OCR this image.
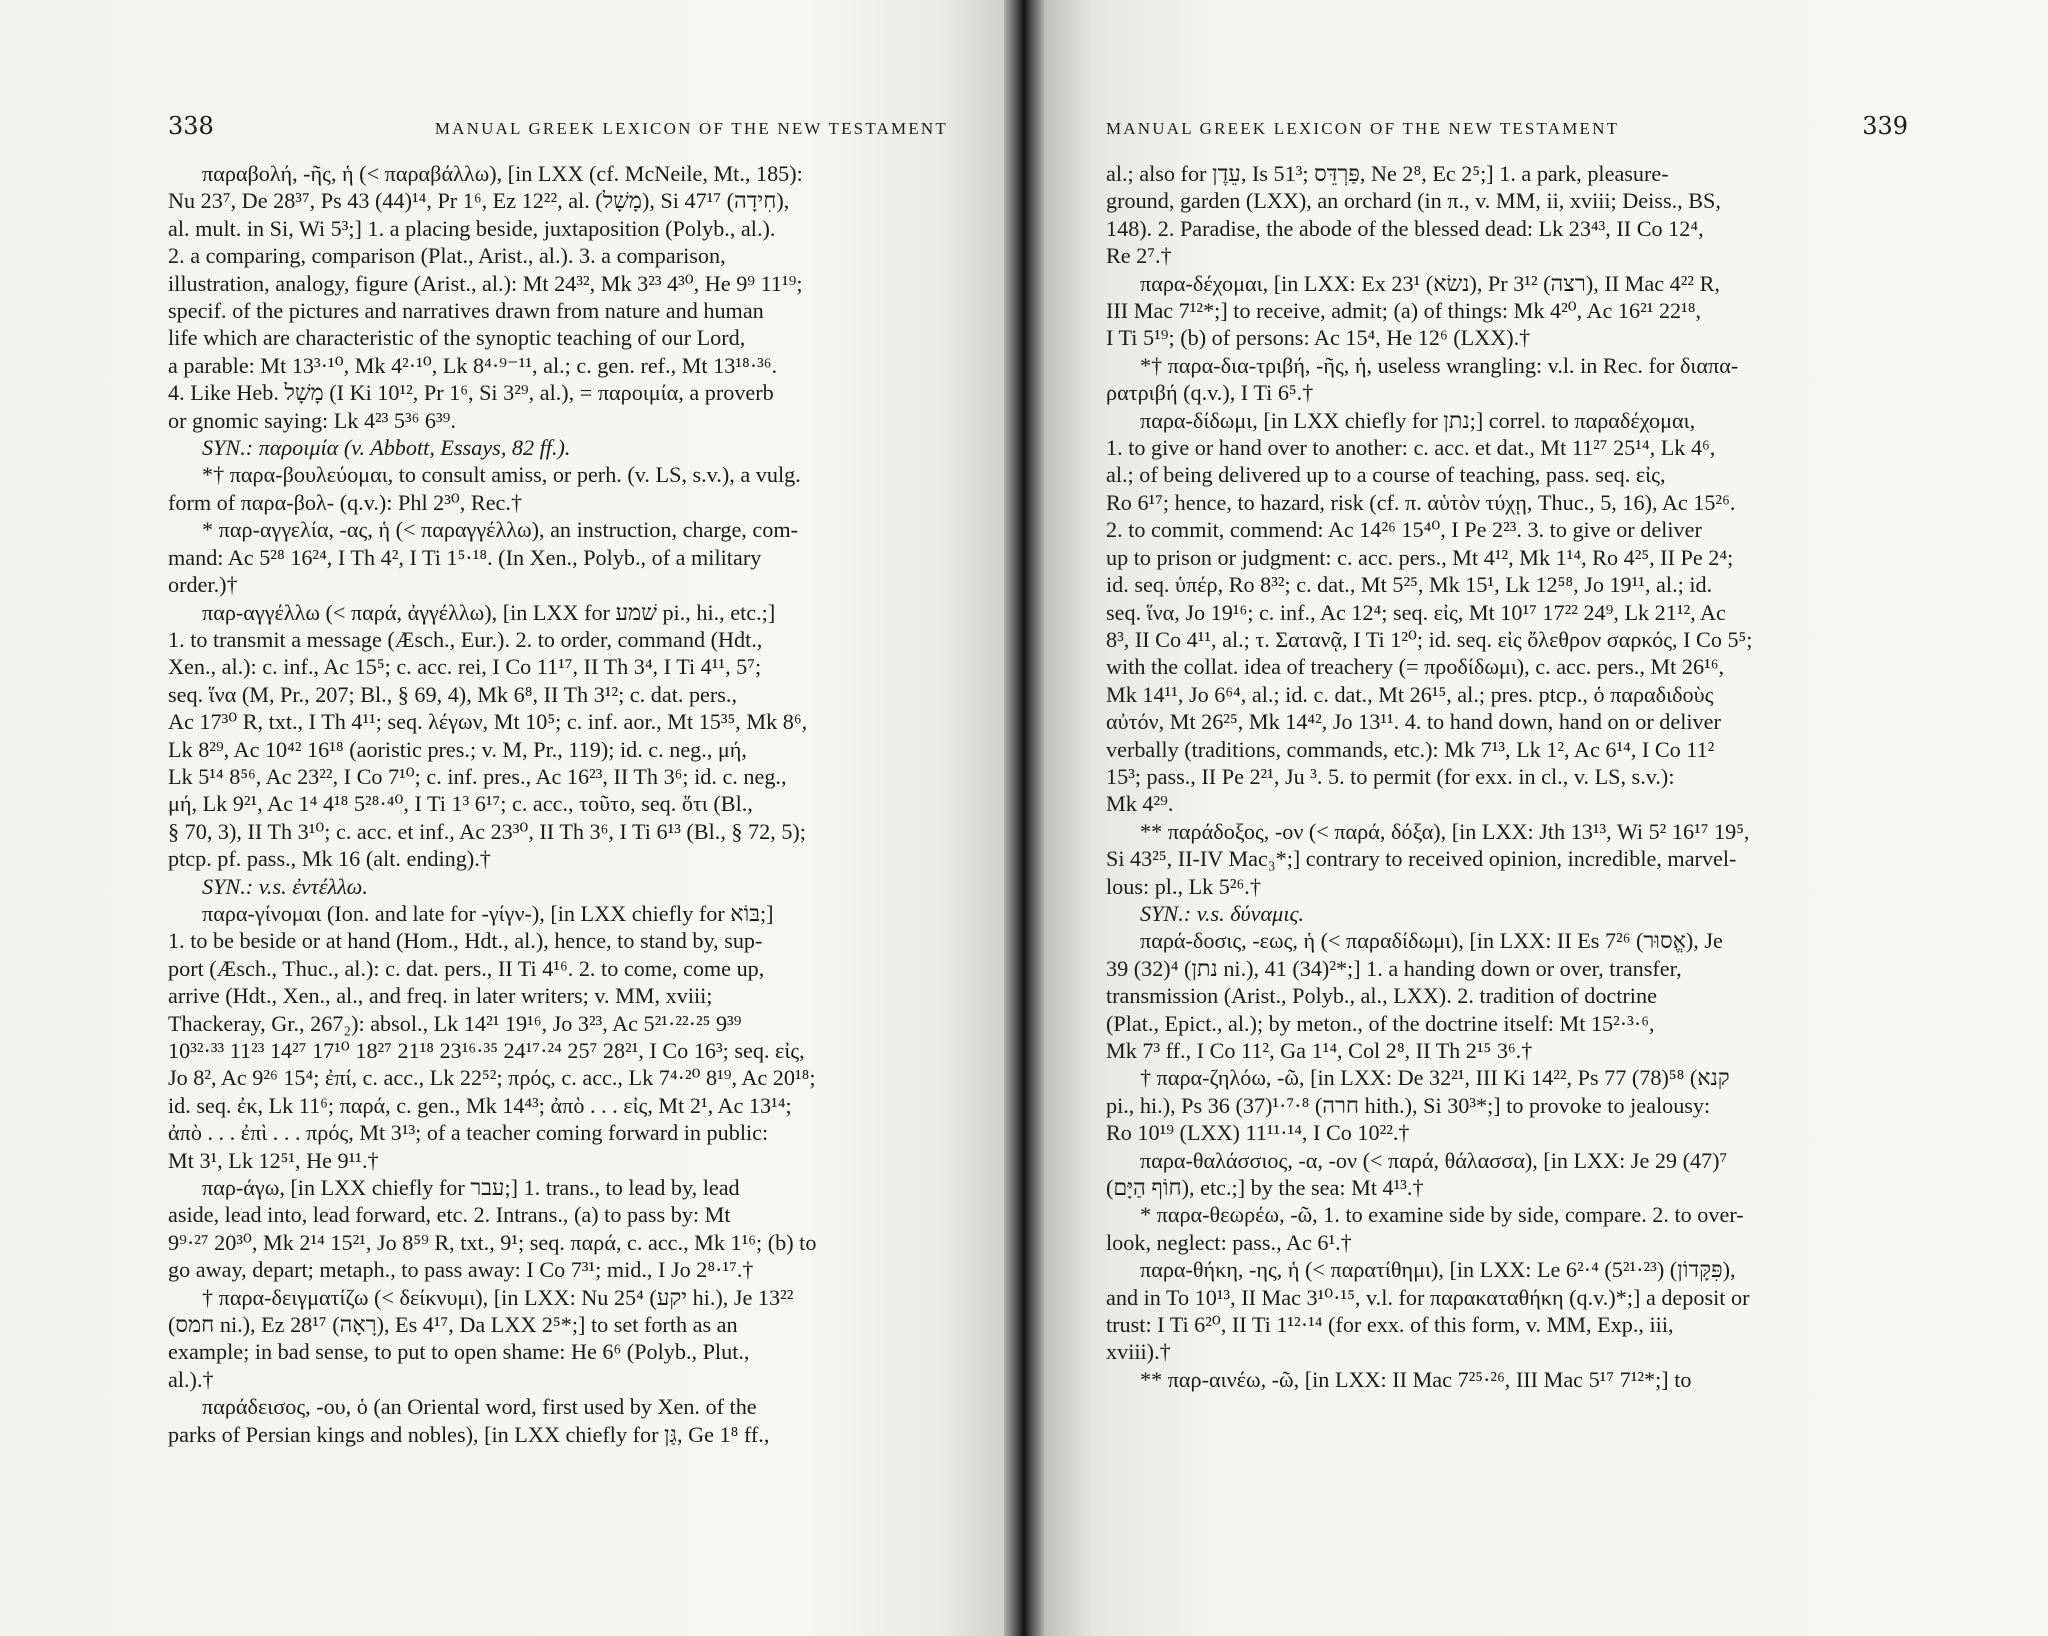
338	MANUAL GREEK LEXICON OF THE NEW TESTAMENT
παραβολή, -ῆς, ἡ (< παραβάλλω), [in LXX (cf. McNeile, Mt., 185):
Nu 23⁷, De 28³⁷, Ps 43 (44)¹⁴, Pr 1⁶, Ez 12²², al. (מָשָׁל), Si 47¹⁷ (חִידָה),
al. mult. in Si, Wi 5³;] 1. a placing beside, juxtaposition (Polyb., al.).
2. a comparing, comparison (Plat., Arist., al.). 3. a comparison,
illustration, analogy, figure (Arist., al.): Mt 24³², Mk 3²³ 4³⁰, He 9⁹ 11¹⁹;
specif. of the pictures and narratives drawn from nature and human
life which are characteristic of the synoptic teaching of our Lord,
a parable: Mt 13³·¹⁰, Mk 4²·¹⁰, Lk 8⁴·⁹⁻¹¹, al.; c. gen. ref., Mt 13¹⁸·³⁶.
4. Like Heb. מָשָׁל (I Ki 10¹², Pr 1⁶, Si 3²⁹, al.), = παροιμία, a proverb
or gnomic saying: Lk 4²³ 5³⁶ 6³⁹.
SYN.: παροιμία (v. Abbott, Essays, 82 ff.).
*† παρα-βουλεύομαι, to consult amiss, or perh. (v. LS, s.v.), a vulg.
form of παρα-βολ- (q.v.): Phl 2³⁰, Rec.†
* παρ-αγγελία, -ας, ἡ (< παραγγέλλω), an instruction, charge, com-
mand: Ac 5²⁸ 16²⁴, I Th 4², I Ti 1⁵·¹⁸. (In Xen., Polyb., of a military
order.)†
παρ-αγγέλλω (< παρά, ἀγγέλλω), [in LXX for שׁמע pi., hi., etc.;]
1. to transmit a message (Æsch., Eur.). 2. to order, command (Hdt.,
Xen., al.): c. inf., Ac 15⁵; c. acc. rei, I Co 11¹⁷, II Th 3⁴, I Ti 4¹¹, 5⁷;
seq. ἵνα (M, Pr., 207; Bl., § 69, 4), Mk 6⁸, II Th 3¹²; c. dat. pers.,
Ac 17³⁰ R, txt., I Th 4¹¹; seq. λέγων, Mt 10⁵; c. inf. aor., Mt 15³⁵, Mk 8⁶,
Lk 8²⁹, Ac 10⁴² 16¹⁸ (aoristic pres.; v. M, Pr., 119); id. c. neg., μή,
Lk 5¹⁴ 8⁵⁶, Ac 23²², I Co 7¹⁰; c. inf. pres., Ac 16²³, II Th 3⁶; id. c. neg.,
μή, Lk 9²¹, Ac 1⁴ 4¹⁸ 5²⁸·⁴⁰, I Ti 1³ 6¹⁷; c. acc., τοῦτο, seq. ὅτι (Bl.,
§ 70, 3), II Th 3¹⁰; c. acc. et inf., Ac 23³⁰, II Th 3⁶, I Ti 6¹³ (Bl., § 72, 5);
ptcp. pf. pass., Mk 16 (alt. ending).†
SYN.: v.s. ἐντέλλω.
παρα-γίνομαι (Ion. and late for -γίγν-), [in LXX chiefly for בּוֹא;]
1. to be beside or at hand (Hom., Hdt., al.), hence, to stand by, sup-
port (Æsch., Thuc., al.): c. dat. pers., II Ti 4¹⁶. 2. to come, come up,
arrive (Hdt., Xen., al., and freq. in later writers; v. MM, xviii;
Thackeray, Gr., 267₂): absol., Lk 14²¹ 19¹⁶, Jo 3²³, Ac 5²¹·²²·²⁵ 9³⁹
10³²·³³ 11²³ 14²⁷ 17¹⁰ 18²⁷ 21¹⁸ 23¹⁶·³⁵ 24¹⁷·²⁴ 25⁷ 28²¹, I Co 16³; seq. εἰς,
Jo 8², Ac 9²⁶ 15⁴; ἐπί, c. acc., Lk 22⁵²; πρός, c. acc., Lk 7⁴·²⁰ 8¹⁹, Ac 20¹⁸;
id. seq. ἐκ, Lk 11⁶; παρά, c. gen., Mk 14⁴³; ἀπὸ . . . εἰς, Mt 2¹, Ac 13¹⁴;
ἀπὸ . . . ἐπὶ . . . πρός, Mt 3¹³; of a teacher coming forward in public:
Mt 3¹, Lk 12⁵¹, He 9¹¹.†
παρ-άγω, [in LXX chiefly for עבר;] 1. trans., to lead by, lead
aside, lead into, lead forward, etc. 2. Intrans., (a) to pass by: Mt
9⁹·²⁷ 20³⁰, Mk 2¹⁴ 15²¹, Jo 8⁵⁹ R, txt., 9¹; seq. παρά, c. acc., Mk 1¹⁶; (b) to
go away, depart; metaph., to pass away: I Co 7³¹; mid., I Jo 2⁸·¹⁷.†
† παρα-δειγματίζω (< δείκνυμι), [in LXX: Nu 25⁴ (יקע hi.), Je 13²²
(חמס ni.), Ez 28¹⁷ (רָאָה), Es 4¹⁷, Da LXX 2⁵*;] to set forth as an
example; in bad sense, to put to open shame: He 6⁶ (Polyb., Plut.,
al.).†
παράδεισος, -ου, ὁ (an Oriental word, first used by Xen. of the
parks of Persian kings and nobles), [in LXX chiefly for גַּן, Ge 1⁸ ff.,
MANUAL GREEK LEXICON OF THE NEW TESTAMENT	339
al.; also for עֵדֶן, Is 51³; פַּרְדֵּס, Ne 2⁸, Ec 2⁵;] 1. a park, pleasure-
ground, garden (LXX), an orchard (in π., v. MM, ii, xviii; Deiss., BS,
148). 2. Paradise, the abode of the blessed dead: Lk 23⁴³, II Co 12⁴,
Re 2⁷.†
παρα-δέχομαι, [in LXX: Ex 23¹ (נשׂא), Pr 3¹² (רצה), II Mac 4²² R,
III Mac 7¹²*;] to receive, admit; (a) of things: Mk 4²⁰, Ac 16²¹ 22¹⁸,
I Ti 5¹⁹; (b) of persons: Ac 15⁴, He 12⁶ (LXX).†
*† παρα-δια-τριβή, -ῆς, ἡ, useless wrangling: v.l. in Rec. for διαπα-
ρατριβή (q.v.), I Ti 6⁵.†
παρα-δίδωμι, [in LXX chiefly for נתן;] correl. to παραδέχομαι,
1. to give or hand over to another: c. acc. et dat., Mt 11²⁷ 25¹⁴, Lk 4⁶,
al.; of being delivered up to a course of teaching, pass. seq. εἰς,
Ro 6¹⁷; hence, to hazard, risk (cf. π. αὑτὸν τύχῃ, Thuc., 5, 16), Ac 15²⁶.
2. to commit, commend: Ac 14²⁶ 15⁴⁰, I Pe 2²³. 3. to give or deliver
up to prison or judgment: c. acc. pers., Mt 4¹², Mk 1¹⁴, Ro 4²⁵, II Pe 2⁴;
id. seq. ὑπέρ, Ro 8³²; c. dat., Mt 5²⁵, Mk 15¹, Lk 12⁵⁸, Jo 19¹¹, al.; id.
seq. ἵνα, Jo 19¹⁶; c. inf., Ac 12⁴; seq. εἰς, Mt 10¹⁷ 17²² 24⁹, Lk 21¹², Ac
8³, II Co 4¹¹, al.; τ. Σατανᾷ, I Ti 1²⁰; id. seq. εἰς ὄλεθρον σαρκός, I Co 5⁵;
with the collat. idea of treachery (= προδίδωμι), c. acc. pers., Mt 26¹⁶,
Mk 14¹¹, Jo 6⁶⁴, al.; id. c. dat., Mt 26¹⁵, al.; pres. ptcp., ὁ παραδιδοὺς
αὐτόν, Mt 26²⁵, Mk 14⁴², Jo 13¹¹. 4. to hand down, hand on or deliver
verbally (traditions, commands, etc.): Mk 7¹³, Lk 1², Ac 6¹⁴, I Co 11²
15³; pass., II Pe 2²¹, Ju ³. 5. to permit (for exx. in cl., v. LS, s.v.):
Mk 4²⁹.
** παράδοξος, -ον (< παρά, δόξα), [in LXX: Jth 13¹³, Wi 5² 16¹⁷ 19⁵,
Si 43²⁵, II-IV Mac₃*;] contrary to received opinion, incredible, marvel-
lous: pl., Lk 5²⁶.†
SYN.: v.s. δύναμις.
παρά-δοσις, -εως, ἡ (< παραδίδωμι), [in LXX: II Es 7²⁶ (אֱסוּר), Je
39 (32)⁴ (נתן ni.), 41 (34)²*;] 1. a handing down or over, transfer,
transmission (Arist., Polyb., al., LXX). 2. tradition of doctrine
(Plat., Epict., al.); by meton., of the doctrine itself: Mt 15²·³·⁶,
Mk 7³ ff., I Co 11², Ga 1¹⁴, Col 2⁸, II Th 2¹⁵ 3⁶.†
† παρα-ζηλόω, -ῶ, [in LXX: De 32²¹, III Ki 14²², Ps 77 (78)⁵⁸ (קנא
pi., hi.), Ps 36 (37)¹·⁷·⁸ (חרה hith.), Si 30³*;] to provoke to jealousy:
Ro 10¹⁹ (LXX) 11¹¹·¹⁴, I Co 10²².†
παρα-θαλάσσιος, -α, -ον (< παρά, θάλασσα), [in LXX: Je 29 (47)⁷
(חוֹף הַיָּם), etc.;] by the sea: Mt 4¹³.†
* παρα-θεωρέω, -ῶ, 1. to examine side by side, compare. 2. to over-
look, neglect: pass., Ac 6¹.†
παρα-θήκη, -ης, ἡ (< παρατίθημι), [in LXX: Le 6²·⁴ (5²¹·²³) (פִּקָּדוֹן),
and in To 10¹³, II Mac 3¹⁰·¹⁵, v.l. for παρακαταθήκη (q.v.)*;] a deposit or
trust: I Ti 6²⁰, II Ti 1¹²·¹⁴ (for exx. of this form, v. MM, Exp., iii,
xviii).†
** παρ-αινέω, -ῶ, [in LXX: II Mac 7²⁵·²⁶, III Mac 5¹⁷ 7¹²*;] to
